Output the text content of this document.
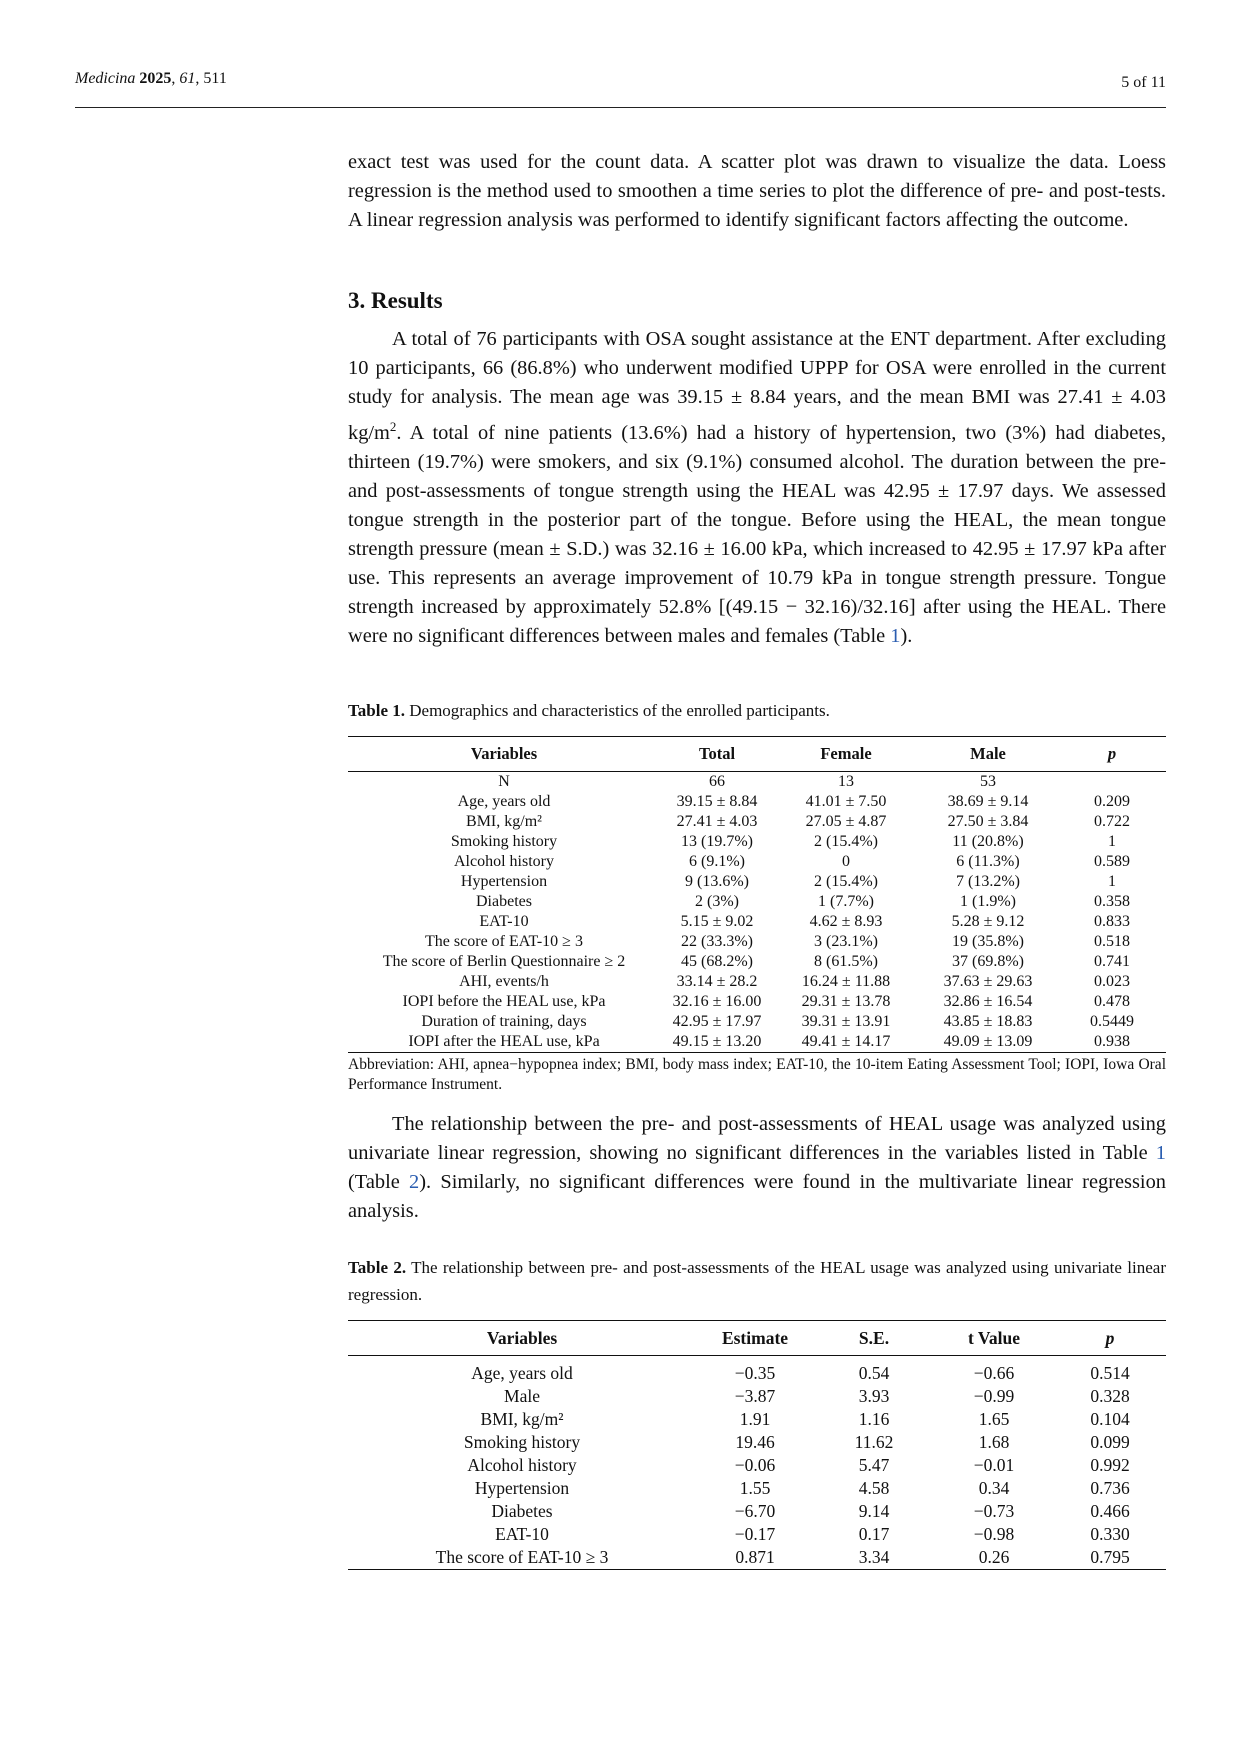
Medicina 2025, 61, 511	5 of 11

exact test was used for the count data. A scatter plot was drawn to visualize the data. Loess regression is the method used to smoothen a time series to plot the difference of pre- and post-tests. A linear regression analysis was performed to identify significant factors affecting the outcome.

3. Results

A total of 76 participants with OSA sought assistance at the ENT department. After excluding 10 participants, 66 (86.8%) who underwent modified UPPP for OSA were enrolled in the current study for analysis. The mean age was 39.15 ± 8.84 years, and the mean BMI was 27.41 ± 4.03 $kg/m^2$. A total of nine patients (13.6%) had a history of hypertension, two (3%) had diabetes, thirteen (19.7%) were smokers, and six (9.1%) consumed alcohol. The duration between the pre- and post-assessments of tongue strength using the HEAL was 42.95 ± 17.97 days. We assessed tongue strength in the posterior part of the tongue. Before using the HEAL, the mean tongue strength pressure (mean ± S.D.) was 32.16 ± 16.00 kPa, which increased to 42.95 ± 17.97 kPa after use. This represents an average improvement of 10.79 kPa in tongue strength pressure. Tongue strength increased by approximately 52.8% [(49.15 − 32.16)/32.16] after using the HEAL. There were no significant differences between males and females (Table 1).

Table 1. Demographics and characteristics of the enrolled participants.

Variables	Total	Female	Male	p
N	66	13	53	
Age, years old	39.15 ± 8.84	41.01 ± 7.50	38.69 ± 9.14	0.209
BMI, kg/m²	27.41 ± 4.03	27.05 ± 4.87	27.50 ± 3.84	0.722
Smoking history	13 (19.7%)	2 (15.4%)	11 (20.8%)	1
Alcohol history	6 (9.1%)	0	6 (11.3%)	0.589
Hypertension	9 (13.6%)	2 (15.4%)	7 (13.2%)	1
Diabetes	2 (3%)	1 (7.7%)	1 (1.9%)	0.358
EAT-10	5.15 ± 9.02	4.62 ± 8.93	5.28 ± 9.12	0.833
The score of EAT-10 ≥ 3	22 (33.3%)	3 (23.1%)	19 (35.8%)	0.518
The score of Berlin Questionnaire ≥ 2	45 (68.2%)	8 (61.5%)	37 (69.8%)	0.741
AHI, events/h	33.14 ± 28.2	16.24 ± 11.88	37.63 ± 29.63	0.023
IOPI before the HEAL use, kPa	32.16 ± 16.00	29.31 ± 13.78	32.86 ± 16.54	0.478
Duration of training, days	42.95 ± 17.97	39.31 ± 13.91	43.85 ± 18.83	0.5449
IOPI after the HEAL use, kPa	49.15 ± 13.20	49.41 ± 14.17	49.09 ± 13.09	0.938

Abbreviation: AHI, apnea−hypopnea index; BMI, body mass index; EAT-10, the 10-item Eating Assessment Tool; IOPI, Iowa Oral Performance Instrument.

The relationship between the pre- and post-assessments of HEAL usage was analyzed using univariate linear regression, showing no significant differences in the variables listed in Table 1 (Table 2). Similarly, no significant differences were found in the multivariate linear regression analysis.

Table 2. The relationship between pre- and post-assessments of the HEAL usage was analyzed using univariate linear regression.

Variables	Estimate	S.E.	t Value	p
Age, years old	−0.35	0.54	−0.66	0.514
Male	−3.87	3.93	−0.99	0.328
BMI, kg/m²	1.91	1.16	1.65	0.104
Smoking history	19.46	11.62	1.68	0.099
Alcohol history	−0.06	5.47	−0.01	0.992
Hypertension	1.55	4.58	0.34	0.736
Diabetes	−6.70	9.14	−0.73	0.466
EAT-10	−0.17	0.17	−0.98	0.330
The score of EAT-10 ≥ 3	0.871	3.34	0.26	0.795
